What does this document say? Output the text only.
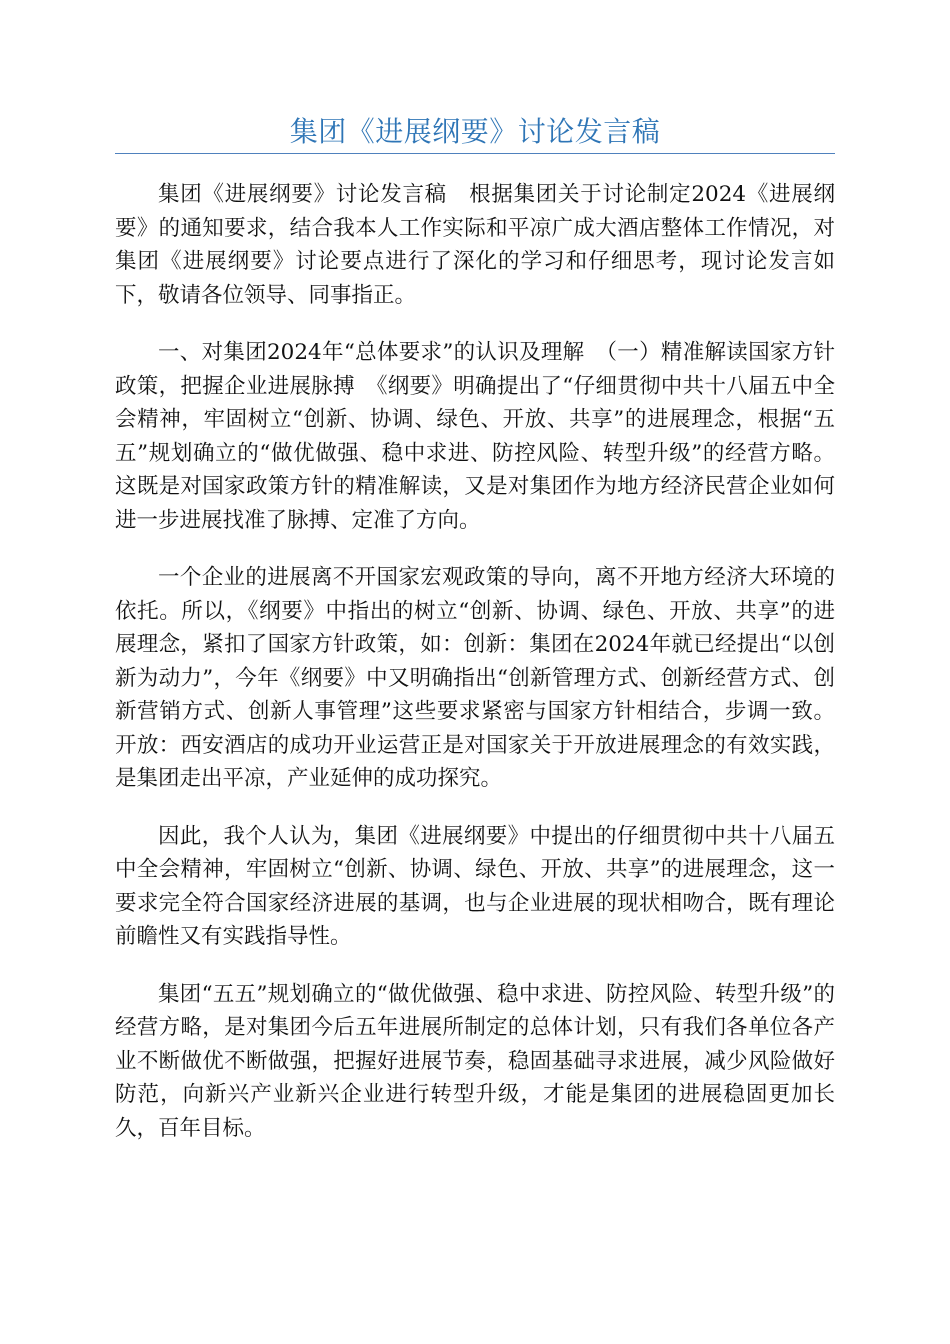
集团《进展纲要》讨论发言稿

集团《进展纲要》讨论发言稿　根据集团关于讨论制定2024《进展纲要》的通知要求，结合我本人工作实际和平凉广成大酒店整体工作情况，对集团《进展纲要》讨论要点进行了深化的学习和仔细思考，现讨论发言如下，敬请各位领导、同事指正。

一、对集团2024年“总体要求”的认识及理解　（一）精准解读国家方针政策，把握企业进展脉搏　《纲要》明确提出了“仔细贯彻中共十八届五中全会精神，牢固树立“创新、协调、绿色、开放、共享”的进展理念，根据“五五”规划确立的“做优做强、稳中求进、防控风险、转型升级”的经营方略。这既是对国家政策方针的精准解读，又是对集团作为地方经济民营企业如何进一步进展找准了脉搏、定准了方向。

一个企业的进展离不开国家宏观政策的导向，离不开地方经济大环境的依托。所以，《纲要》中指出的树立“创新、协调、绿色、开放、共享”的进展理念，紧扣了国家方针政策，如：创新：集团在2024年就已经提出“以创新为动力”，今年《纲要》中又明确指出“创新管理方式、创新经营方式、创新营销方式、创新人事管理”这些要求紧密与国家方针相结合，步调一致。开放：西安酒店的成功开业运营正是对国家关于开放进展理念的有效实践，是集团走出平凉，产业延伸的成功探究。

因此，我个人认为，集团《进展纲要》中提出的仔细贯彻中共十八届五中全会精神，牢固树立“创新、协调、绿色、开放、共享”的进展理念，这一要求完全符合国家经济进展的基调，也与企业进展的现状相吻合，既有理论前瞻性又有实践指导性。

集团“五五”规划确立的“做优做强、稳中求进、防控风险、转型升级”的经营方略，是对集团今后五年进展所制定的总体计划，只有我们各单位各产业不断做优不断做强，把握好进展节奏，稳固基础寻求进展，减少风险做好防范，向新兴产业新兴企业进行转型升级，才能是集团的进展稳固更加长久，百年目标。
